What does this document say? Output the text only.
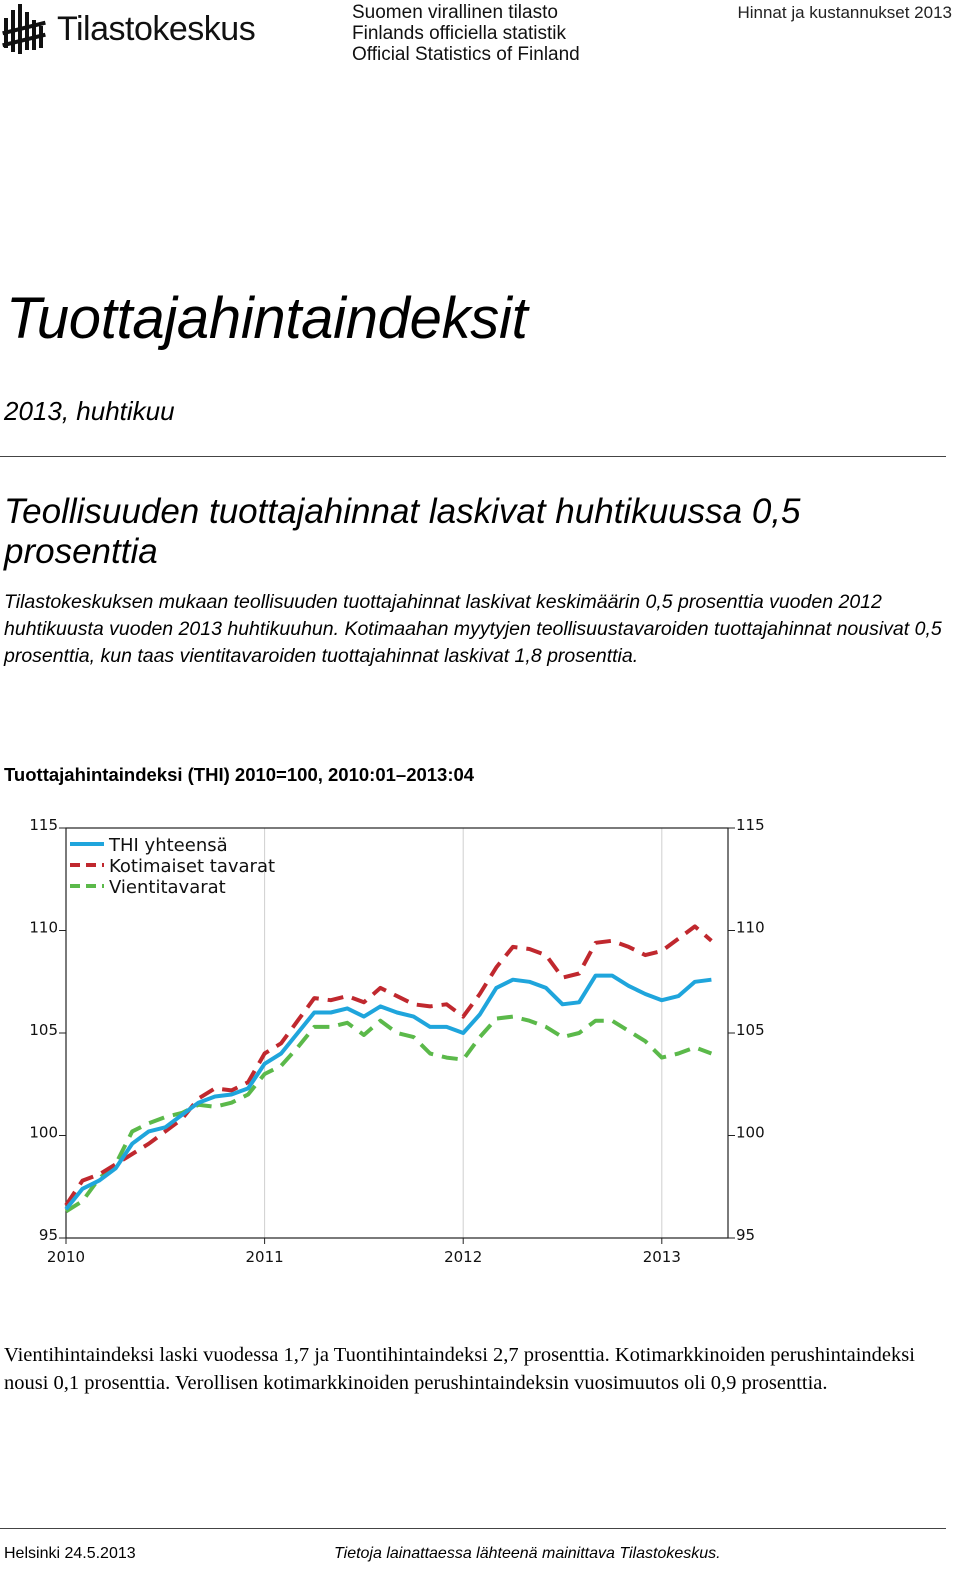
Tilastokeskus	Suomen virallinen tilasto
Finlands officiella statistik
Official Statistics of Finland
Hinnat ja kustannukset 2013
Tuottajahintaindeksit
2013, huhtikuu
Teollisuuden tuottajahinnat laskivat huhtikuussa 0,5 prosenttia
Tilastokeskuksen mukaan teollisuuden tuottajahinnat laskivat keskimäärin 0,5 prosenttia vuoden 2012 huhtikuusta vuoden 2013 huhtikuuhun. Kotimaahan myytyjen teollisuustavaroiden tuottajahinnat nousivat 0,5 prosenttia, kun taas vientitavaroiden tuottajahinnat laskivat 1,8 prosenttia.
Tuottajahintaindeksi (THI) 2010=100, 2010:01–2013:04
95	95
100	100
105	105
110	110
115	115
2010	2011	2012	2013
THI yhteensä
Kotimaiset tavarat
Vientitavarat
Vientihintaindeksi laski vuodessa 1,7 ja Tuontihintaindeksi 2,7 prosenttia. Kotimarkkinoiden perushintaindeksi nousi 0,1 prosenttia. Verollisen kotimarkkinoiden perushintaindeksin vuosimuutos oli 0,9 prosenttia.
Helsinki 24.5.2013	Tietoja lainattaessa lähteenä mainittava Tilastokeskus.
